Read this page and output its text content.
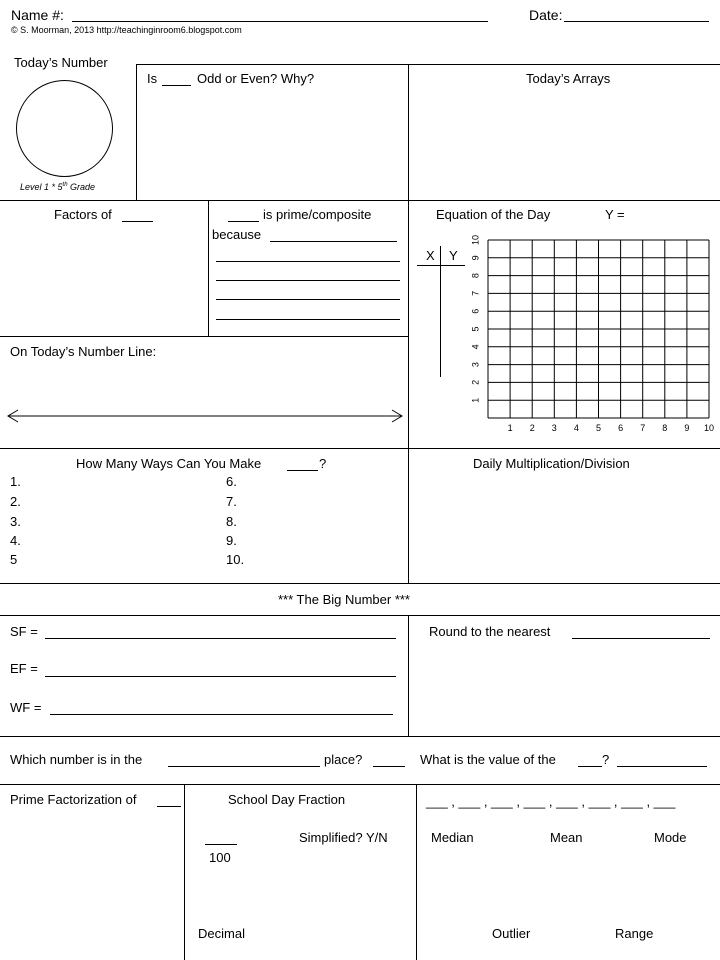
Name #:	Date:
© S. Moorman, 2013 http://teachinginroom6.blogspot.com
Today’s Number
Level 1 * 5th Grade
Is	Odd or Even? Why?	Today’s Arrays
Factors of	is prime/composite
because
Equation of the Day	Y =
X Y
1 2 3 4 5 6 7 8 9 10
1
2
3
4
5
6
7
8
9
10
On Today’s Number Line:
How Many Ways Can You Make	?
1.
2.
3.
4.
5
6.
7.
8.
9.
10.
Daily Multiplication/Division
*** The Big Number ***
SF =
EF =
WF =
Round to the nearest
Which number is in the	place?	What is the value of the	?
Prime Factorization of	School Day Fraction
Simplified? Y/N
100
Decimal
___ , ___ , ___ , ___ , ___ , ___ , ___ , ___
Median	Mean	Mode
Outlier	Range
